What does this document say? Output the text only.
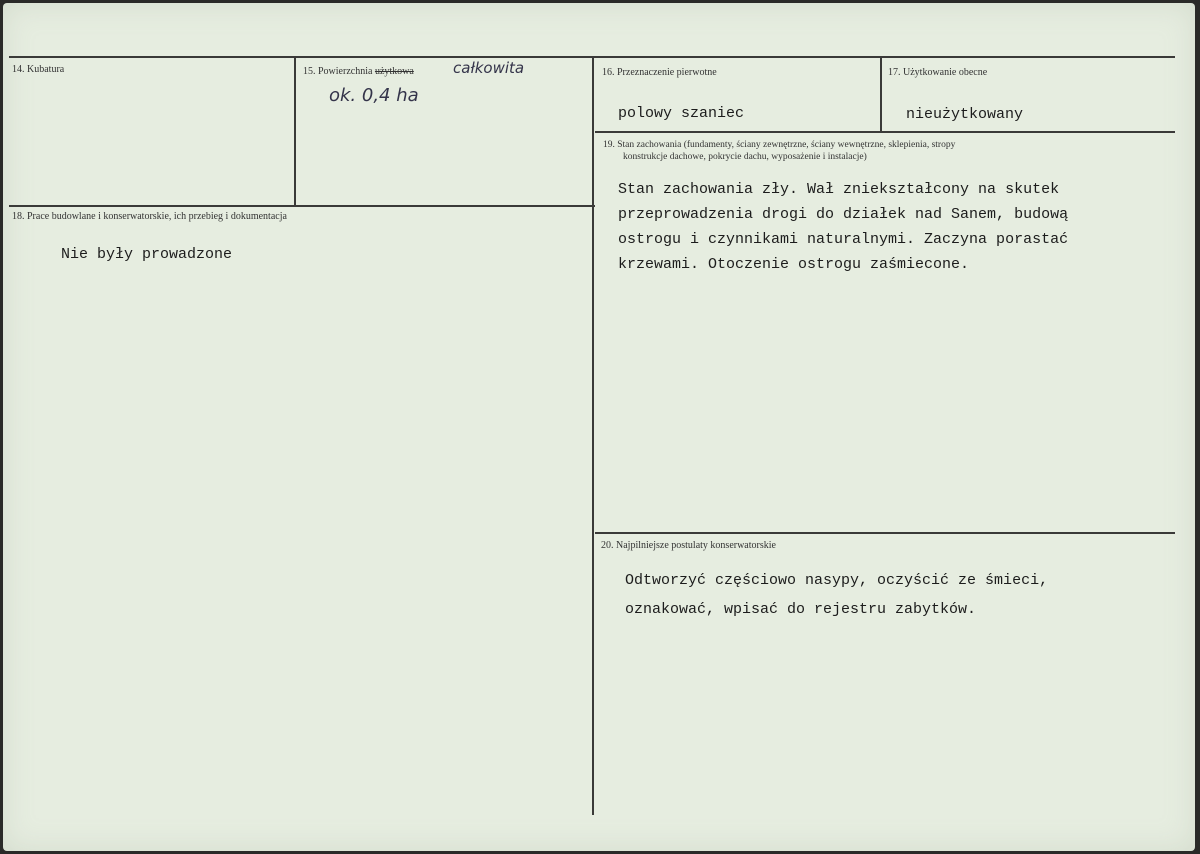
14. Kubatura	15. Powierzchnia użytkowa	całkowita
ok. 0,4 ha
16. Przeznaczenie pierwotne
polowy szaniec
17. Użytkowanie obecne
nieużytkowany
19. Stan zachowania (fundamenty, ściany zewnętrzne, ściany wewnętrzne, sklepienia, stropy
konstrukcje dachowe, pokrycie dachu, wyposażenie i instalacje)
Stan zachowania zły. Wał zniekształcony na skutek
przeprowadzenia drogi do działek nad Sanem, budową
ostrogu i czynnikami naturalnymi. Zaczyna porastać
krzewami. Otoczenie ostrogu zaśmiecone.
18. Prace budowlane i konserwatorskie, ich przebieg i dokumentacja
Nie były prowadzone
20. Najpilniejsze postulaty konserwatorskie
Odtworzyć częściowo nasypy, oczyścić ze śmieci,
oznakować, wpisać do rejestru zabytków.
